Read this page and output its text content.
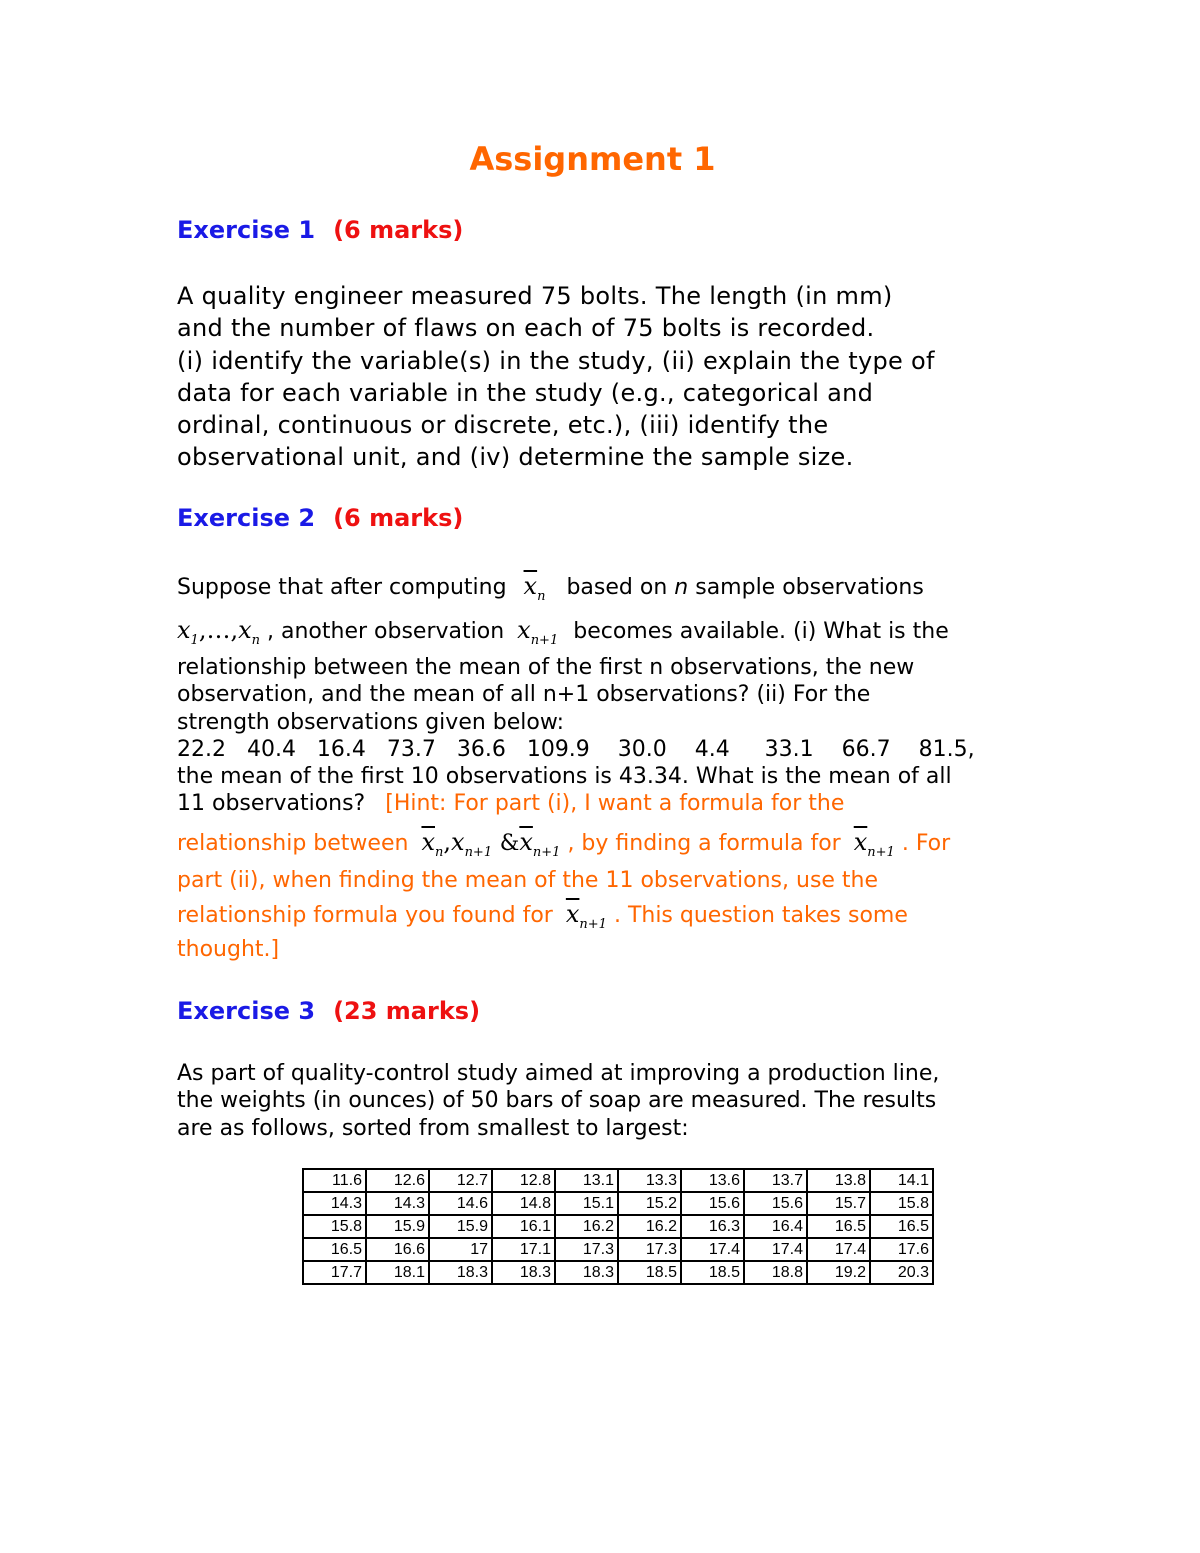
Assignment 1
Exercise 1 (6 marks)
A quality engineer measured 75 bolts. The length (in mm)
and the number of flaws on each of 75 bolts is recorded.
(i) identify the variable(s) in the study, (ii) explain the type of
data for each variable in the study (e.g., categorical and
ordinal, continuous or discrete, etc.), (iii) identify the
observational unit, and (iv) determine the sample size.
Exercise 2 (6 marks)
Suppose that after computing $\overline{x}_n$ based on n sample observations
$x_1,\dots,x_n$ , another observation $x_{n+1}$ becomes available. (i) What is the
relationship between the mean of the first n observations, the new
observation, and the mean of all n+1 observations? (ii) For the
strength observations given below:
22.2   40.4   16.4   73.7   36.6   109.9    30.0    4.4     33.1    66.7    81.5,
the mean of the first 10 observations is 43.34. What is the mean of all
11 observations? [Hint: For part (i), I want a formula for the
relationship between $\overline{x}_n,x_{n+1}$ $\&\overline{x}_{n+1}$ , by finding a formula for $\overline{x}_{n+1}$ . For
part (ii), when finding the mean of the 11 observations, use the
relationship formula you found for $\overline{x}_{n+1}$ . This question takes some
thought.]
Exercise 3 (23 marks)
As part of quality-control study aimed at improving a production line,
the weights (in ounces) of 50 bars of soap are measured. The results
are as follows, sorted from smallest to largest:
11.6	12.6	12.7	12.8	13.1	13.3	13.6	13.7	13.8	14.1
14.3	14.3	14.6	14.8	15.1	15.2	15.6	15.6	15.7	15.8
15.8	15.9	15.9	16.1	16.2	16.2	16.3	16.4	16.5	16.5
16.5	16.6	17	17.1	17.3	17.3	17.4	17.4	17.4	17.6
17.7	18.1	18.3	18.3	18.3	18.5	18.5	18.8	19.2	20.3
